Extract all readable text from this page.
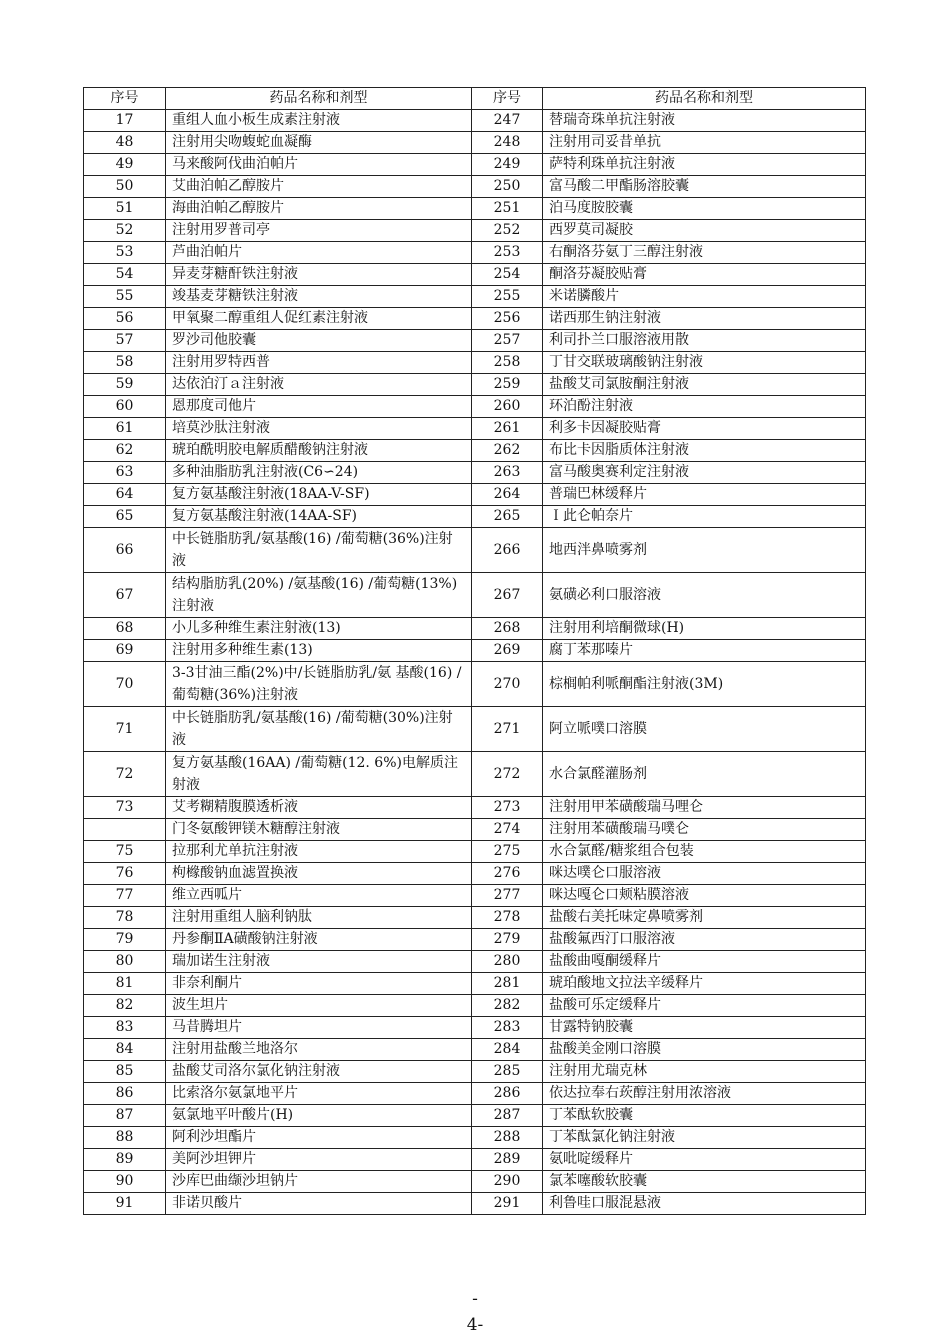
序号	药品名称和剂型	序号	药品名称和剂型
17	重组人血小板生成素注射液	247	替瑞奇珠单抗注射液
48	注射用尖吻蝮蛇血凝酶	248	注射用司妥昔单抗
49	马来酸阿伐曲泊帕片	249	萨特利珠单抗注射液
50	艾曲泊帕乙醇胺片	250	富马酸二甲酯肠溶胶囊
51	海曲泊帕乙醇胺片	251	泊马度胺胶囊
52	注射用罗普司亭	252	西罗莫司凝胶
53	芦曲泊帕片	253	右酮洛芬氨丁三醇注射液
54	异麦芽糖酐铁注射液	254	酮洛芬凝胶贴膏
55	竣基麦芽糖铁注射液	255	米诺膦酸片
56	甲氧聚二醇重组人促红素注射液	256	诺西那生钠注射液
57	罗沙司他胶囊	257	利司扑兰口服溶液用散
58	注射用罗特西普	258	丁甘交联玻璃酸钠注射液
59	达依泊汀ａ注射液	259	盐酸艾司氯胺酮注射液
60	恩那度司他片	260	环泊酚注射液
61	培莫沙肽注射液	261	利多卡因凝胶贴膏
62	琥珀酰明胶电解质醋酸钠注射液	262	布比卡因脂质体注射液
63	多种油脂肪乳注射液(C6∽24)	263	富马酸奥赛利定注射液
64	复方氨基酸注射液(18AA-V-SF)	264	普瑞巴林缓释片
65	复方氨基酸注射液(14AA-SF)	265	Ｉ此仑帕奈片
66	中长链脂肪乳/氨基酸(16) /葡萄糖(36%)注射液	266	地西泮鼻喷雾剂
67	结构脂肪乳(20%) /氨基酸(16) /葡萄糖(13%)注射液	267	氨磺必利口服溶液
68	小儿多种维生素注射液(13)	268	注射用利培酮微球(H)
69	注射用多种维生素(13)	269	腐丁苯那嗪片
70	3-3甘油三酯(2%)中/长链脂肪乳/氨 基酸(16) /葡萄糖(36%)注射液	270	棕榈帕利哌酮酯注射液(3M)
71	中长链脂肪乳/氨基酸(16) /葡萄糖(30%)注射液	271	阿立哌噗口溶膜
72	复方氨基酸(16AA) /葡萄糖(12. 6%)电解质注射液	272	水合氯醛灌肠剂
73	艾考糊精腹膜透析液	273	注射用甲苯磺酸瑞马哩仑
	门冬氨酸钾镁木糖醇注射液	274	注射用苯磺酸瑞马噗仑
75	拉那利尤单抗注射液	275	水合氯醛/糖浆组合包装
76	枸橼酸钠血滤置换液	276	咪达噗仑口服溶液
77	维立西呱片	277	咪达嘎仑口颊粘膜溶液
78	注射用重组人脑利钠肽	278	盐酸右美托味定鼻喷雾剂
79	丹参酮ⅡA磺酸钠注射液	279	盐酸氟西汀口服溶液
80	瑞加诺生注射液	280	盐酸曲嘎酮缓释片
81	非奈利酮片	281	琥珀酸地文拉法辛缓释片
82	波生坦片	282	盐酸可乐定缓释片
83	马昔腾坦片	283	甘露特钠胶囊
84	注射用盐酸兰地洛尔	284	盐酸美金刚口溶膜
85	盐酸艾司洛尔氯化钠注射液	285	注射用尤瑞克林
86	比索洛尔氨氯地平片	286	依达拉奉右莰醇注射用浓溶液
87	氨氯地平叶酸片(H)	287	丁苯酞软胶囊
88	阿利沙坦酯片	288	丁苯酞氯化钠注射液
89	美阿沙坦钾片	289	氨吡啶缓释片
90	沙库巴曲缬沙坦钠片	290	氯苯噻酸软胶囊
91	非诺贝酸片	291	利鲁哇口服混悬液
-
4-
